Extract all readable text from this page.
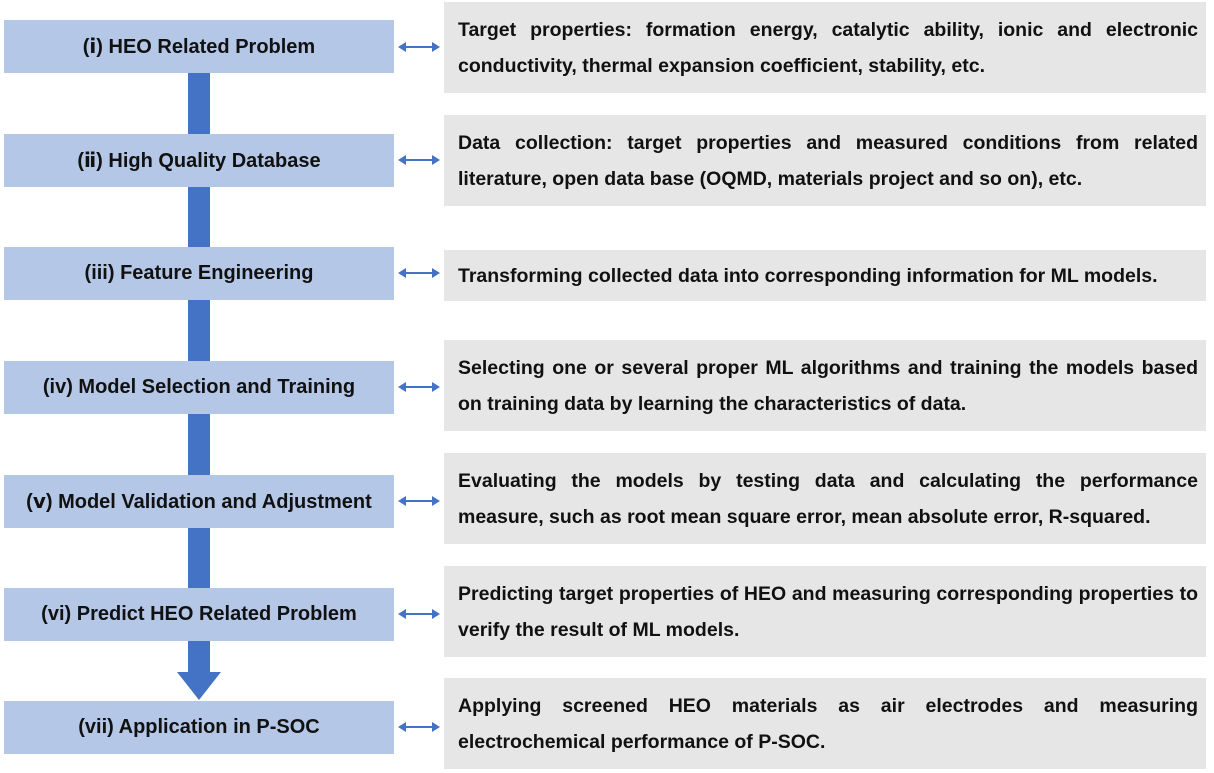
(ⅰ) HEO Related Problem
Target properties: formation energy, catalytic ability, ionic and electronic conductivity, thermal expansion coefficient, stability, etc.
(ⅱ) High Quality Database
Data collection: target properties and measured conditions from related literature, open data base (OQMD, materials project and so on), etc.
(iii) Feature Engineering	Transforming collected data into corresponding information for ML models.
(iv) Model Selection and Training
Selecting one or several proper ML algorithms and training the models based on training data by learning the characteristics of data.
(ⅴ) Model Validation and Adjustment
Evaluating the models by testing data and calculating the performance measure, such as root mean square error, mean absolute error, R-squared.
(vi) Predict HEO Related Problem
Predicting target properties of HEO and measuring corresponding properties to verify the result of ML models.
(vii) Application in P-SOC
Applying screened HEO materials as air electrodes and measuring electrochemical performance of P-SOC.
